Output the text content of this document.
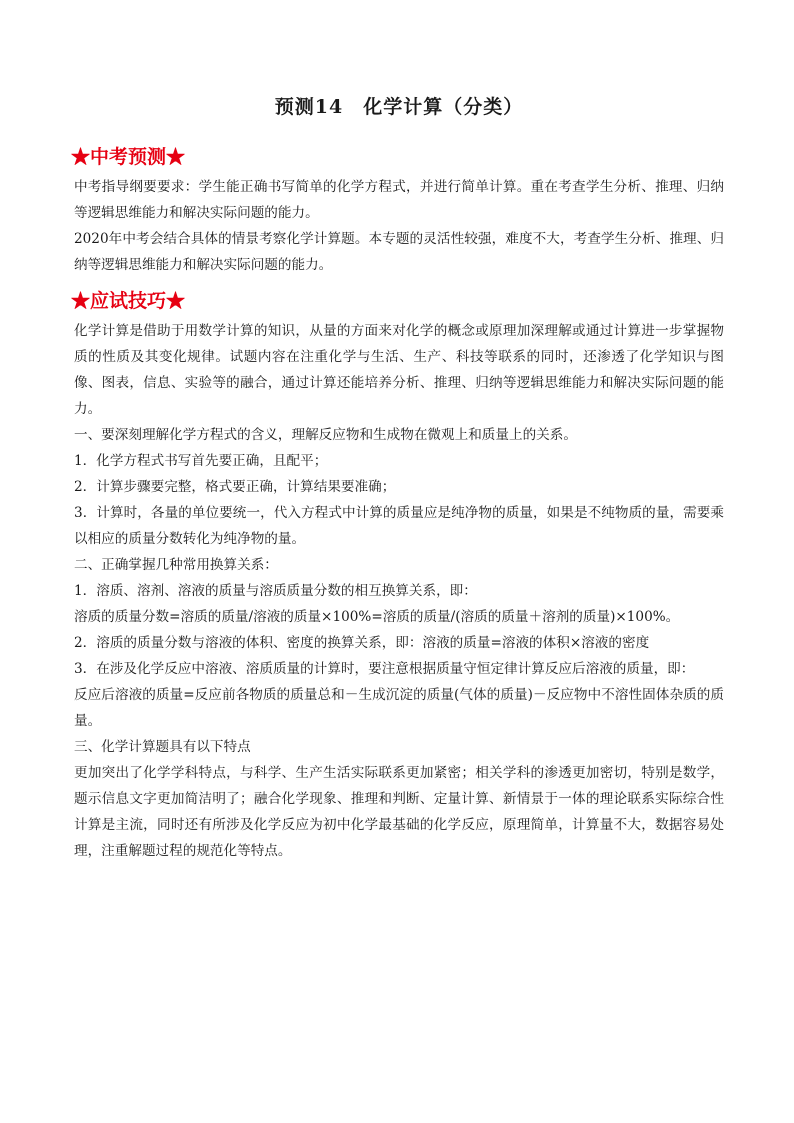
预测14　化学计算（分类）
★中考预测★

中考指导纲要要求：学生能正确书写简单的化学方程式，并进行简单计算。重在考查学生分析、推理、归纳等逻辑思维能力和解决实际问题的能力。

2020年中考会结合具体的情景考察化学计算题。本专题的灵活性较强，难度不大，考查学生分析、推理、归纳等逻辑思维能力和解决实际问题的能力。

★应试技巧★

化学计算是借助于用数学计算的知识，从量的方面来对化学的概念或原理加深理解或通过计算进一步掌握物质的性质及其变化规律。试题内容在注重化学与生活、生产、科技等联系的同时，还渗透了化学知识与图像、图表，信息、实验等的融合，通过计算还能培养分析、推理、归纳等逻辑思维能力和解决实际问题的能力。

一、要深刻理解化学方程式的含义，理解反应物和生成物在微观上和质量上的关系。

1．化学方程式书写首先要正确，且配平；

2．计算步骤要完整，格式要正确，计算结果要准确；

3．计算时，各量的单位要统一，代入方程式中计算的质量应是纯净物的质量，如果是不纯物质的量，需要乘以相应的质量分数转化为纯净物的量。

二、正确掌握几种常用换算关系：

1．溶质、溶剂、溶液的质量与溶质质量分数的相互换算关系，即：

溶质的质量分数=溶质的质量/溶液的质量×100%=溶质的质量/(溶质的质量＋溶剂的质量)×100%。

2．溶质的质量分数与溶液的体积、密度的换算关系，即：溶液的质量=溶液的体积×溶液的密度

3．在涉及化学反应中溶液、溶质质量的计算时，要注意根据质量守恒定律计算反应后溶液的质量，即：

反应后溶液的质量=反应前各物质的质量总和－生成沉淀的质量(气体的质量)－反应物中不溶性固体杂质的质量。

三、化学计算题具有以下特点

更加突出了化学学科特点，与科学、生产生活实际联系更加紧密；相关学科的渗透更加密切，特别是数学，题示信息文字更加简洁明了；融合化学现象、推理和判断、定量计算、新情景于一体的理论联系实际综合性计算是主流，同时还有所涉及化学反应为初中化学最基础的化学反应，原理简单，计算量不大，数据容易处理，注重解题过程的规范化等特点。
